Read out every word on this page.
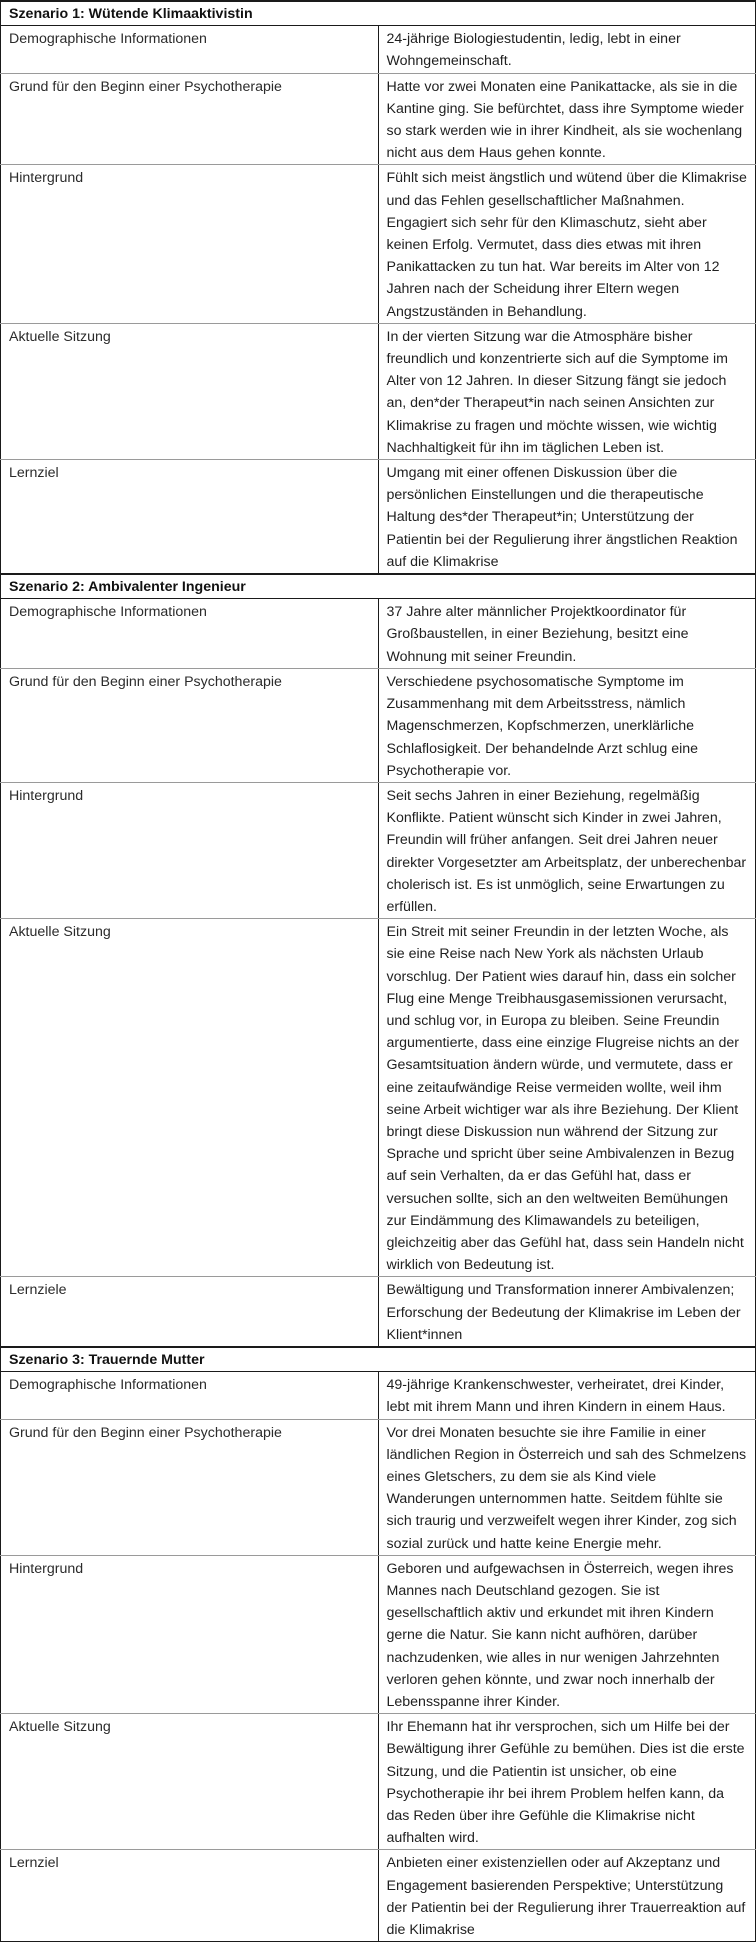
Szenario 1: Wütende Klimaaktivistin	
Demographische Informationen	24-jährige Biologiestudentin, ledig, lebt in einer Wohngemeinschaft.
Grund für den Beginn einer Psychotherapie	Hatte vor zwei Monaten eine Panikattacke, als sie in die Kantine ging. Sie befürchtet, dass ihre Symptome wieder so stark werden wie in ihrer Kindheit, als sie wochenlang nicht aus dem Haus gehen konnte.
Hintergrund	Fühlt sich meist ängstlich und wütend über die Klimakrise und das Fehlen gesellschaftlicher Maßnahmen. Engagiert sich sehr für den Klimaschutz, sieht aber keinen Erfolg. Vermutet, dass dies etwas mit ihren Panikattacken zu tun hat. War bereits im Alter von 12 Jahren nach der Scheidung ihrer Eltern wegen Angstzuständen in Behandlung.
Aktuelle Sitzung	In der vierten Sitzung war die Atmosphäre bisher freundlich und konzentrierte sich auf die Symptome im Alter von 12 Jahren. In dieser Sitzung fängt sie jedoch an, den*der Therapeut*in nach seinen Ansichten zur Klimakrise zu fragen und möchte wissen, wie wichtig Nachhaltigkeit für ihn im täglichen Leben ist.
Lernziel	Umgang mit einer offenen Diskussion über die persönlichen Einstellungen und die therapeutische Haltung des*der Therapeut*in; Unterstützung der Patientin bei der Regulierung ihrer ängstlichen Reaktion auf die Klimakrise
Szenario 2: Ambivalenter Ingenieur	
Demographische Informationen	37 Jahre alter männlicher Projektkoordinator für Großbaustellen, in einer Beziehung, besitzt eine Wohnung mit seiner Freundin.
Grund für den Beginn einer Psychotherapie	Verschiedene psychosomatische Symptome im Zusammenhang mit dem Arbeitsstress, nämlich Magenschmerzen, Kopfschmerzen, unerklärliche Schlaflosigkeit. Der behandelnde Arzt schlug eine Psychotherapie vor.
Hintergrund	Seit sechs Jahren in einer Beziehung, regelmäßig Konflikte. Patient wünscht sich Kinder in zwei Jahren, Freundin will früher anfangen. Seit drei Jahren neuer direkter Vorgesetzter am Arbeitsplatz, der unberechenbar cholerisch ist. Es ist unmöglich, seine Erwartungen zu erfüllen.
Aktuelle Sitzung	Ein Streit mit seiner Freundin in der letzten Woche, als sie eine Reise nach New York als nächsten Urlaub vorschlug. Der Patient wies darauf hin, dass ein solcher Flug eine Menge Treibhausgasemissionen verursacht, und schlug vor, in Europa zu bleiben. Seine Freundin argumentierte, dass eine einzige Flugreise nichts an der Gesamtsituation ändern würde, und vermutete, dass er eine zeitaufwändige Reise vermeiden wollte, weil ihm seine Arbeit wichtiger war als ihre Beziehung. Der Klient bringt diese Diskussion nun während der Sitzung zur Sprache und spricht über seine Ambivalenzen in Bezug auf sein Verhalten, da er das Gefühl hat, dass er versuchen sollte, sich an den weltweiten Bemühungen zur Eindämmung des Klimawandels zu beteiligen, gleichzeitig aber das Gefühl hat, dass sein Handeln nicht wirklich von Bedeutung ist.
Lernziele	Bewältigung und Transformation innerer Ambivalenzen; Erforschung der Bedeutung der Klimakrise im Leben der Klient*innen
Szenario 3: Trauernde Mutter	
Demographische Informationen	49-jährige Krankenschwester, verheiratet, drei Kinder, lebt mit ihrem Mann und ihren Kindern in einem Haus.
Grund für den Beginn einer Psychotherapie	Vor drei Monaten besuchte sie ihre Familie in einer ländlichen Region in Österreich und sah des Schmelzens eines Gletschers, zu dem sie als Kind viele Wanderungen unternommen hatte. Seitdem fühlte sie sich traurig und verzweifelt wegen ihrer Kinder, zog sich sozial zurück und hatte keine Energie mehr.
Hintergrund	Geboren und aufgewachsen in Österreich, wegen ihres Mannes nach Deutschland gezogen. Sie ist gesellschaftlich aktiv und erkundet mit ihren Kindern gerne die Natur. Sie kann nicht aufhören, darüber nachzudenken, wie alles in nur wenigen Jahrzehnten verloren gehen könnte, und zwar noch innerhalb der Lebensspanne ihrer Kinder.
Aktuelle Sitzung	Ihr Ehemann hat ihr versprochen, sich um Hilfe bei der Bewältigung ihrer Gefühle zu bemühen. Dies ist die erste Sitzung, und die Patientin ist unsicher, ob eine Psychotherapie ihr bei ihrem Problem helfen kann, da das Reden über ihre Gefühle die Klimakrise nicht aufhalten wird.
Lernziel	Anbieten einer existenziellen oder auf Akzeptanz und Engagement basierenden Perspektive; Unterstützung der Patientin bei der Regulierung ihrer Trauerreaktion auf die Klimakrise
